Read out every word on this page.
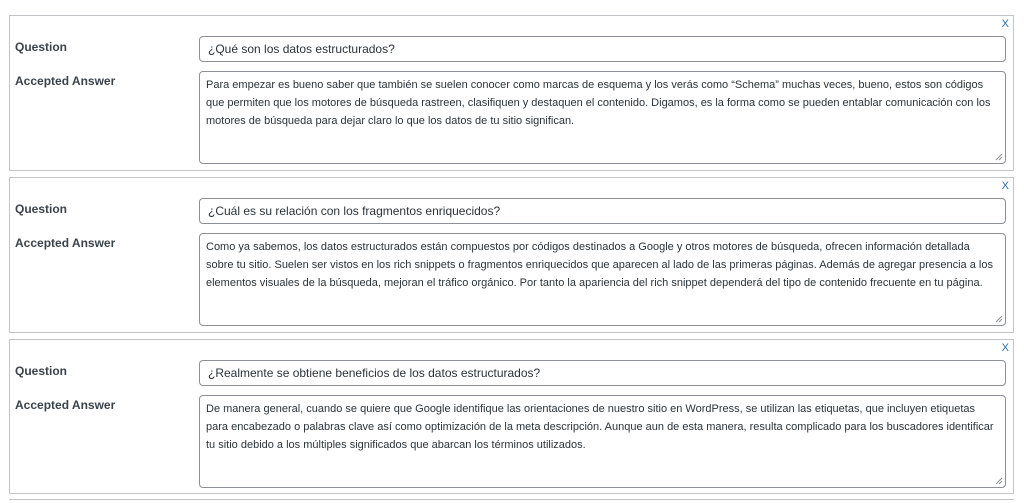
X
Question	¿Qué son los datos estructurados?
Accepted Answer	Para empezar es bueno saber que también se suelen conocer como marcas de esquema y los verás como “Schema” muchas veces, bueno, estos son códigos que permiten que los motores de búsqueda rastreen, clasifiquen y destaquen el contenido. Digamos, es la forma como se pueden entablar comunicación con los motores de búsqueda para dejar claro lo que los datos de tu sitio significan.
X
Question	¿Cuál es su relación con los fragmentos enriquecidos?
Accepted Answer	Como ya sabemos, los datos estructurados están compuestos por códigos destinados a Google y otros motores de búsqueda, ofrecen información detallada sobre tu sitio. Suelen ser vistos en los rich snippets o fragmentos enriquecidos que aparecen al lado de las primeras páginas. Además de agregar presencia a los elementos visuales de la búsqueda, mejoran el tráfico orgánico. Por tanto la apariencia del rich snippet dependerá del tipo de contenido frecuente en tu página.
X
Question	¿Realmente se obtiene beneficios de los datos estructurados?
Accepted Answer	De manera general, cuando se quiere que Google identifique las orientaciones de nuestro sitio en WordPress, se utilizan las etiquetas, que incluyen etiquetas para encabezado o palabras clave así como optimización de la meta descripción. Aunque aun de esta manera, resulta complicado para los buscadores identificar tu sitio debido a los múltiples significados que abarcan los términos utilizados.
